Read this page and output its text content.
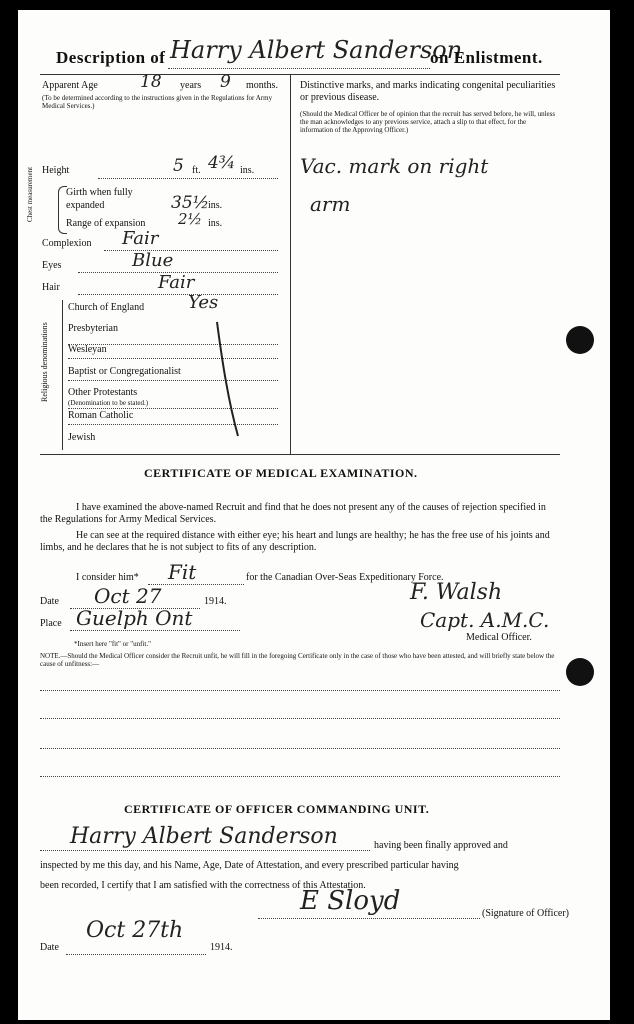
Description of Harry Albert Sanderson
on Enlistment.
Apparent Age 18 years 9 months.
(To be determined according to the instructions given in the Regulations for Army Medical Services.)
Height	5 ft. 4¾ ins.
Chest measurement	Girth when fully expanded	35½
ins.
Range of expansion 2½ ins.
Complexion Fair
Eyes	Blue
Hair	Fair
Religious denominations
Church of England Yes
Presbyterian
Wesleyan
Baptist or Congregationalist
Other Protestants
(Denomination to be stated.)
Roman Catholic
Jewish
Distinctive marks, and marks indicating congenital peculiarities or previous disease.
(Should the Medical Officer be of opinion that the recruit has served before, he will, unless the man acknowledges to any previous service, attach a slip to that effect, for the information of the Approving Officer.)
Vac. mark on right
arm
CERTIFICATE OF MEDICAL EXAMINATION.
I have examined the above-named Recruit and find that he does not present any of the causes of rejection specified in the Regulations for Army Medical Services.
He can see at the required distance with either eye; his heart and lungs are healthy; he has the free use of his joints and limbs, and he declares that he is not subject to fits of any description.
I consider him* Fit	for the Canadian Over-Seas Expeditionary Force.
Date Oct 27	1914.	F. Walsh
Place Guelph Ont	Capt. A.M.C.
Medical Officer.
*Insert here "fit" or "unfit."
NOTE.—Should the Medical Officer consider the Recruit unfit, he will fill in the foregoing Certificate only in the case of those who have been attested, and will briefly state below the cause of unfitness:—
CERTIFICATE OF OFFICER COMMANDING UNIT.
Harry Albert Sanderson	having been finally approved and
inspected by me this day, and his Name, Age, Date of Attestation, and every prescribed particular having
been recorded, I certify that I am satisfied with the correctness of this Attestation.
E Sloyd	(Signature of Officer)
Date
Oct 27th
1914.
